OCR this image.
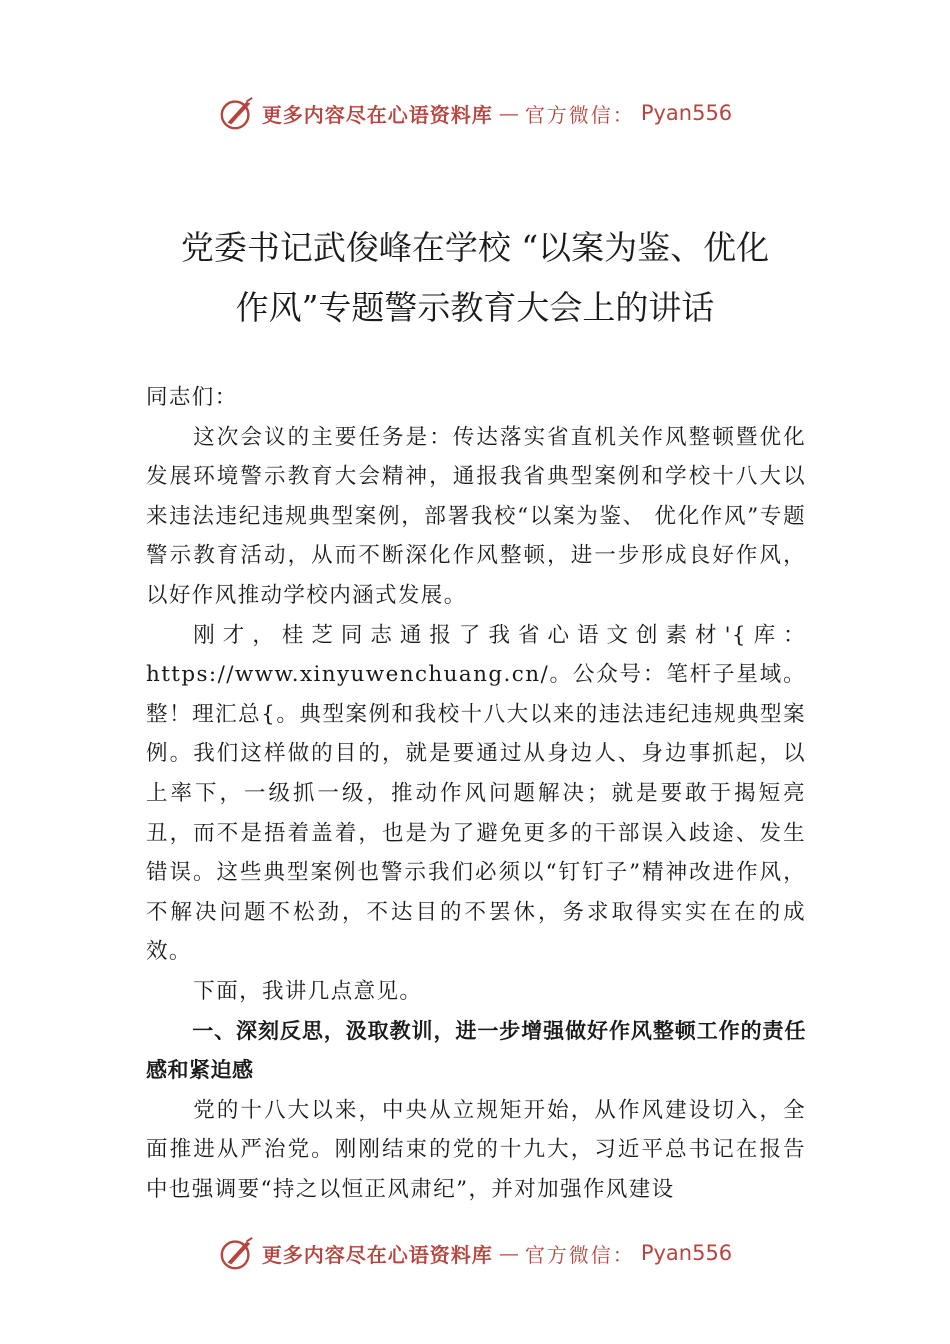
更多内容尽在心语资料库 — 官方微信： Pyan556
党委书记武俊峰在学校 “以案为鉴、优化
作风”专题警示教育大会上的讲话

同志们：

这次会议的主要任务是：传达落实省直机关作风整顿暨优化发展环境警示教育大会精神，通报我省典型案例和学校十八大以来违法违纪违规典型案例，部署我校“以案为鉴、 优化作风”专题警示教育活动，从而不断深化作风整顿，进一步形成良好作风，以好作风推动学校内涵式发展。

刚才，桂芝同志通报了我省心语文创素材'{库：https://www.xinyuwenchuang.cn/。公众号：笔杆子星域。整！理汇总{。典型案例和我校十八大以来的违法违纪违规典型案例。我们这样做的目的，就是要通过从身边人、身边事抓起，以上率下，一级抓一级，推动作风问题解决；就是要敢于揭短亮丑，而不是捂着盖着，也是为了避免更多的干部误入歧途、发生错误。这些典型案例也警示我们必须以“钉钉子”精神改进作风，不解决问题不松劲，不达目的不罢休，务求取得实实在在的成效。

下面，我讲几点意见。

一、深刻反思，汲取教训，进一步增强做好作风整顿工作的责任感和紧迫感

党的十八大以来，中央从立规矩开始，从作风建设切入，全面推进从严治党。刚刚结束的党的十九大，习近平总书记在报告中也强调要“持之以恒正风肃纪”，并对加强作风建设

更多内容尽在心语资料库 — 官方微信： Pyan556
